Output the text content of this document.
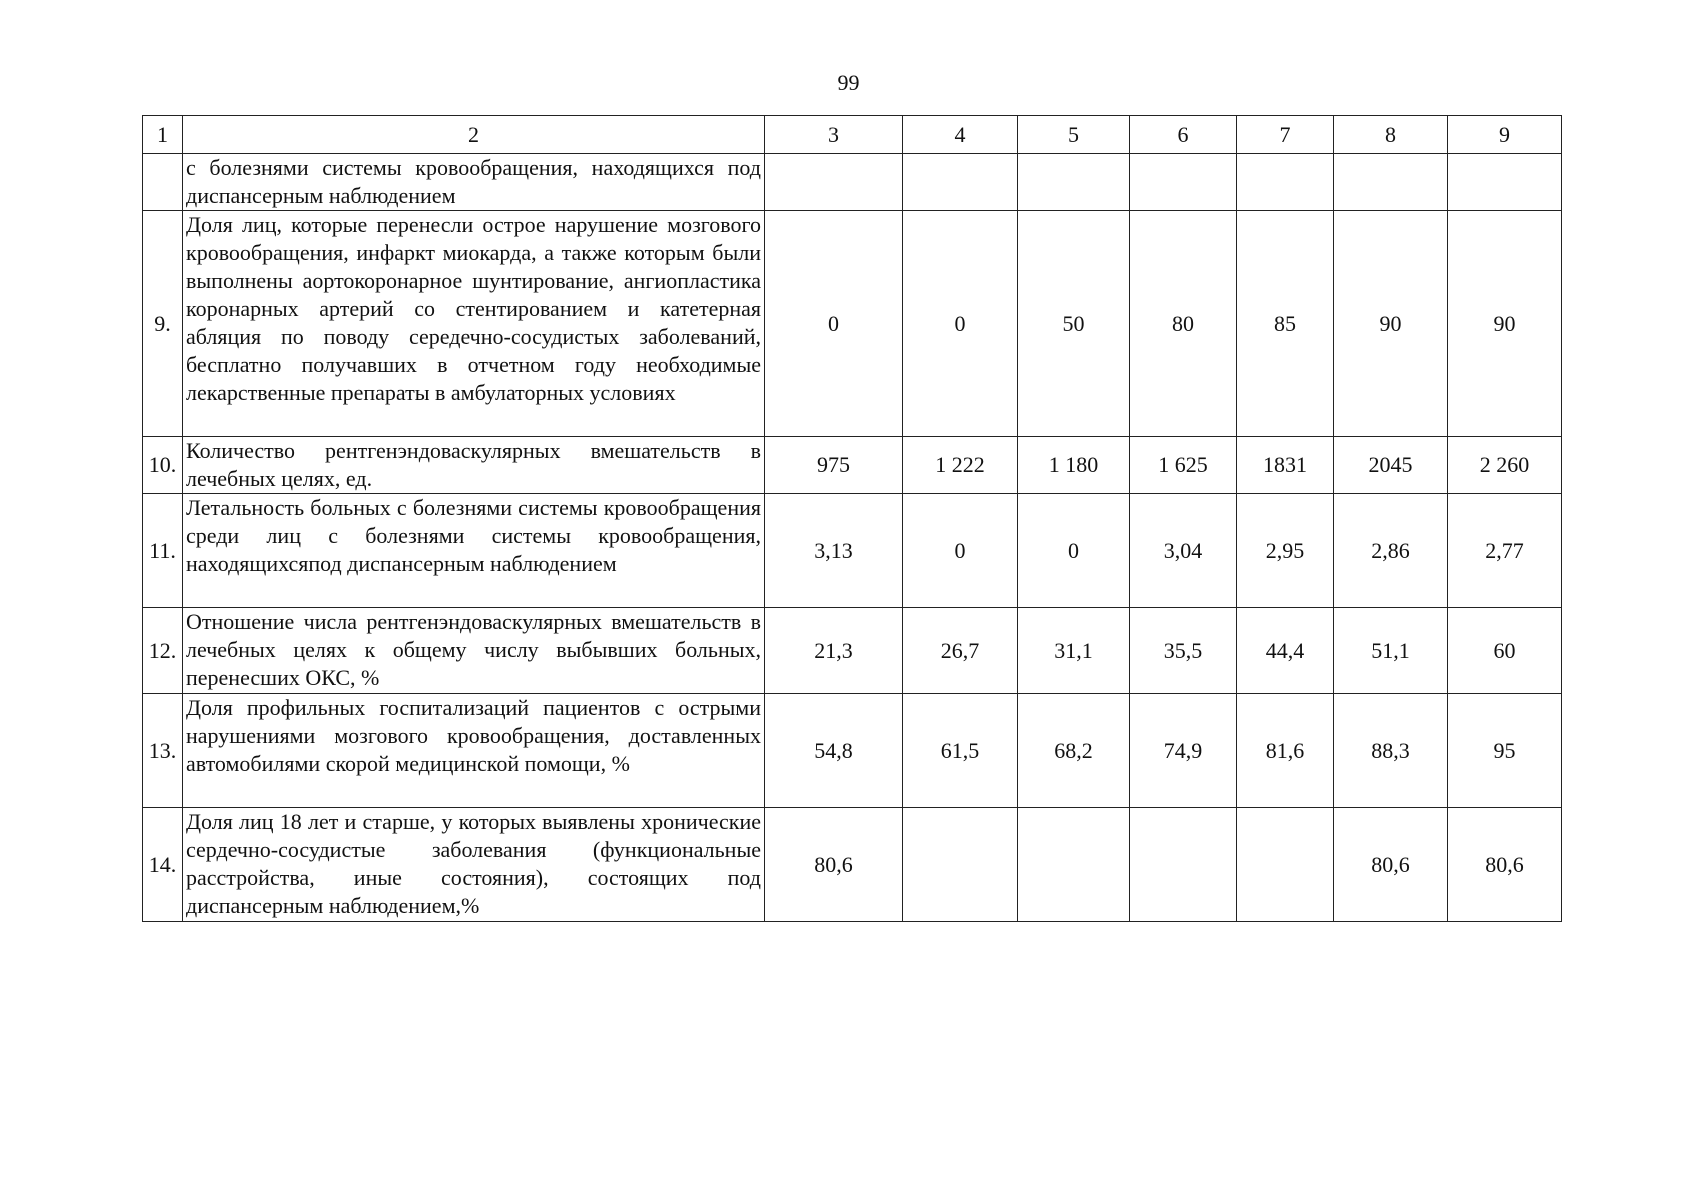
99
1	2	3	4	5	6	7	8	9
	с болезнями системы кровообращения, находящихся под диспансерным наблюдением							
9.	Доля лиц, которые перенесли острое нарушение мозгового кровообращения, инфаркт миокарда, а также которым были выполнены аортокоронарное шунтирование, ангиопластика коронарных артерий со стентированием и катетерная абляция по поводу середечно-сосудистых заболеваний, бесплатно получавших в отчетном году необходимые лекарственные препараты в амбулаторных условиях	0	0	50	80	85	90	90
10.	Количество рентгенэндоваскулярных вмешательств в лечебных целях, ед.	975	1 222	1 180	1 625	1831	2045	2 260
11.	Летальность больных с болезнями системы кровообращения среди лиц с болезнями системы кровообращения, находящихсяпод диспансерным наблюдением	3,13	0	0	3,04	2,95	2,86	2,77
12.	Отношение числа рентгенэндоваскулярных вмешательств в лечебных целях к общему числу выбывших больных, перенесших ОКС, %	21,3	26,7	31,1	35,5	44,4	51,1	60
13.	Доля профильных госпитализаций пациентов с острыми нарушениями мозгового кровообращения, доставленных автомобилями скорой медицинской помощи, %	54,8	61,5	68,2	74,9	81,6	88,3	95
14.	Доля лиц 18 лет и старше, у которых выявлены хронические сердечно-сосудистые заболевания (функциональные расстройства, иные состояния), состоящих под диспансерным наблюдением,%	80,6					80,6	80,6
